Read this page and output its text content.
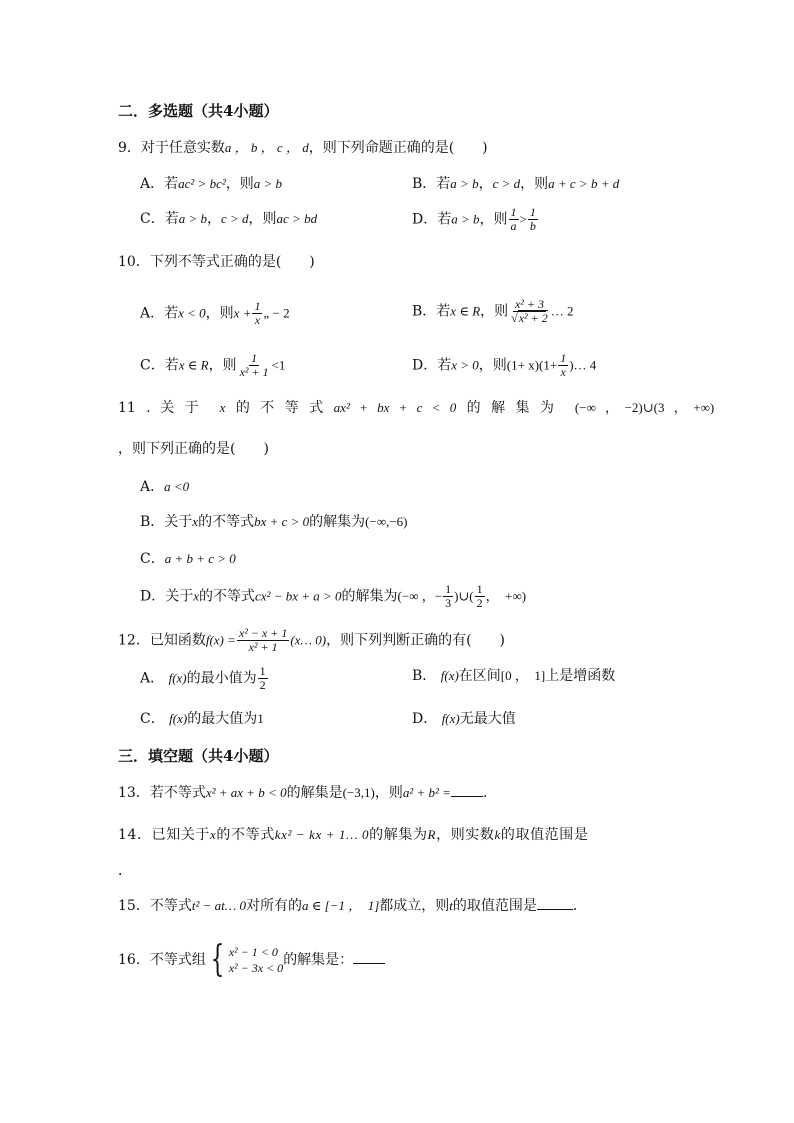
二．多选题（共4小题）
9．对于任意实数a ， b ， c ， d，则下列命题正确的是(　　)
A．若ac² > bc²，则a > b	B．若a > b，c > d，则a + c > b + d
C．若a > b，c > d，则ac > bd	D．若a > b，则 $\frac{1}{a} > \frac{1}{b}$
10．下列不等式正确的是(　　)
A．若x < 0，则$x + \frac{1}{x}$ „ − 2	B．若x ∈ R，则 $\frac{\text{x² + 3}}{\text{√x² + 2}}$ … 2
C．若x ∈ R，则 $\frac{1}{\text{x² + 1}} <1$	D．若x > 0，则$(1+ x)(1+ \frac{1}{x}$ )… 4
11 ．关 于 x 的 不 等 式 ax² + bx + c < 0 的 解 集 为 (−∞ ，　−2)∪(3 ，　+∞)
，则下列正确的是(　　)
A．a <0
B．关于x的不等式bx + c > 0的解集为(−∞,−6)
C．a + b + c > 0
D．关于x的不等式cx² − bx + a > 0的解集为(−∞ ，− $\frac{1}{3}$ )∪( $\frac{1}{2}$ ，　+∞)
12．已知函数$f(x) = \frac{\text{x² − x + 1}}{\text{x² + 1}}$ (x… 0)，则下列判断正确的有(　　)
A． f(x)的最小值为 $\frac{1}{2}$	B． f(x)在区间[0 ，　1]上是增函数
C． f(x)的最大值为1	D． f(x)无最大值
三．填空题（共4小题）
13．若不等式x² + ax + b < 0的解集是(−3,1)，则a² + b² = ．
14．已知关于x的不等式kx² − kx + 1… 0的解集为R，则实数k的取值范围是
．
15．不等式t² − at… 0对所有的a ∈ [−1 ，　1]都成立，则t的取值范围是	．
16．不等式组 { x² − 1 < 0
x² − 3x < 0 的解集是：
